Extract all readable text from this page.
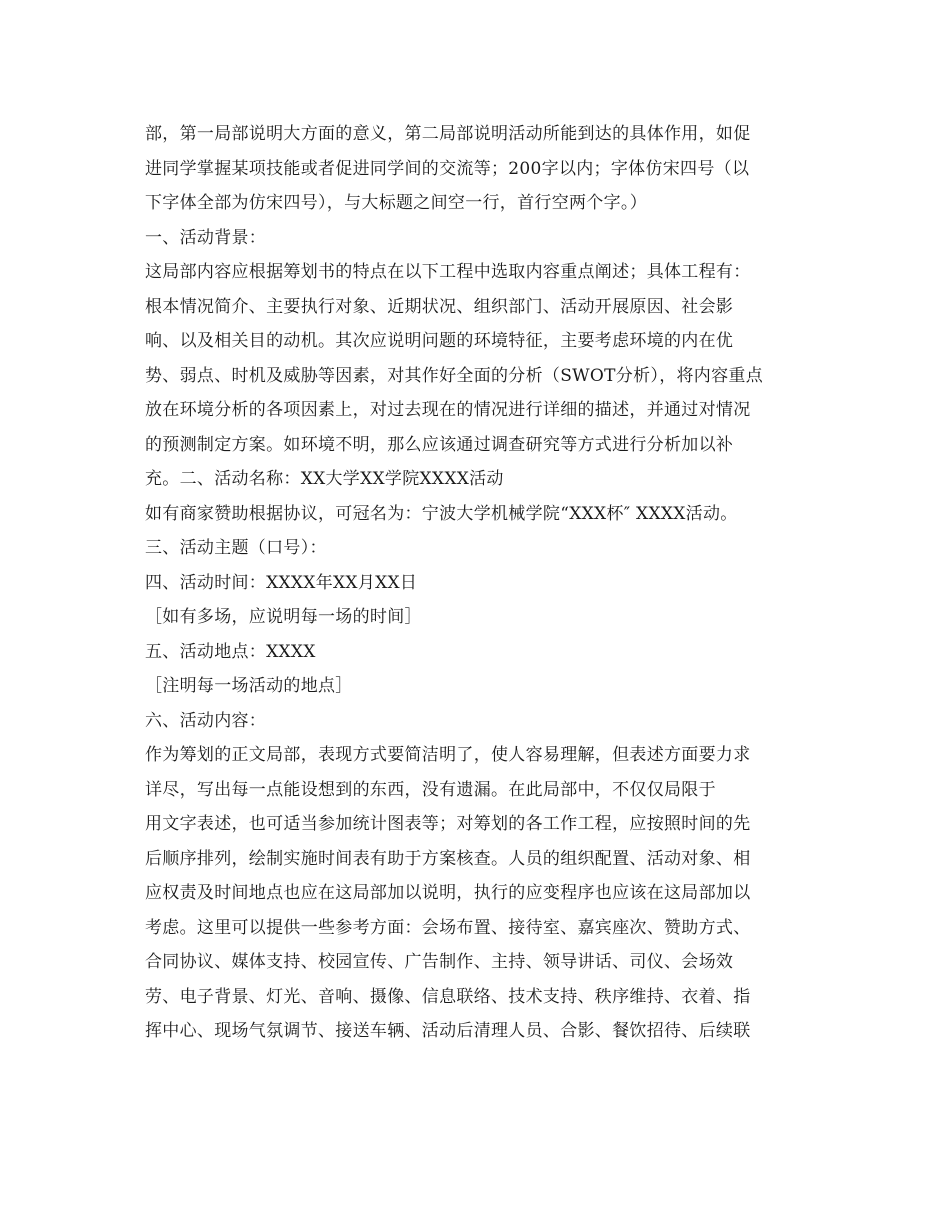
部，第一局部说明大方面的意义，第二局部说明活动所能到达的具体作用，如促
进同学掌握某项技能或者促进同学间的交流等；200字以内；字体仿宋四号（以
下字体全部为仿宋四号），与大标题之间空一行，首行空两个字。）
一、活动背景：
这局部内容应根据筹划书的特点在以下工程中选取内容重点阐述；具体工程有：
根本情况简介、主要执行对象、近期状况、组织部门、活动开展原因、社会影
响、以及相关目的动机。其次应说明问题的环境特征，主要考虑环境的内在优
势、弱点、时机及威胁等因素，对其作好全面的分析（SWOT分析），将内容重点
放在环境分析的各项因素上，对过去现在的情况进行详细的描述，并通过对情况
的预测制定方案。如环境不明，那么应该通过调查研究等方式进行分析加以补
充。二、活动名称：XX大学XX学院XXXX活动
如有商家赞助根据协议，可冠名为：宁波大学机械学院“XXX杯″ XXXX活动。
三、活动主题（口号）：
四、活动时间：XXXX年XX月XX日
［如有多场，应说明每一场的时间］
五、活动地点：XXXX
［注明每一场活动的地点］
六、活动内容：
作为筹划的正文局部，表现方式要简洁明了，使人容易理解，但表述方面要力求
详尽，写出每一点能设想到的东西，没有遗漏。在此局部中，不仅仅局限于
用文字表述，也可适当参加统计图表等；对筹划的各工作工程，应按照时间的先
后顺序排列，绘制实施时间表有助于方案核查。人员的组织配置、活动对象、相
应权责及时间地点也应在这局部加以说明，执行的应变程序也应该在这局部加以
考虑。这里可以提供一些参考方面：会场布置、接待室、嘉宾座次、赞助方式、
合同协议、媒体支持、校园宣传、广告制作、主持、领导讲话、司仪、会场效
劳、电子背景、灯光、音响、摄像、信息联络、技术支持、秩序维持、衣着、指
挥中心、现场气氛调节、接送车辆、活动后清理人员、合影、餐饮招待、后续联
